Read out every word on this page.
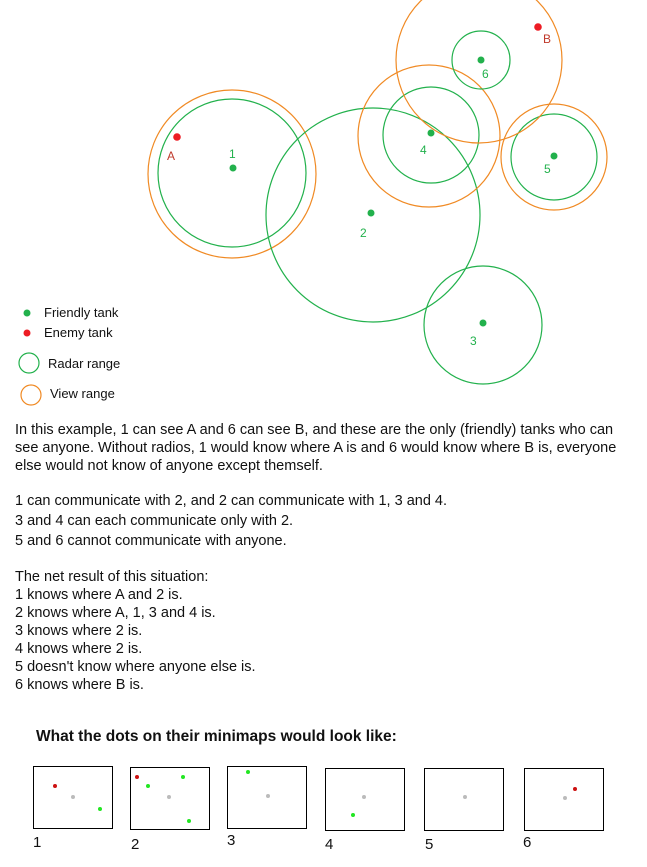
1
2
3
4
5
6
A
B
Friendly tank
Enemy tank
Radar range
View range
In this example, 1 can see A and 6 can see B, and these are the only (friendly) tanks who can see anyone. Without radios, 1 would know where A is and 6 would know where B is, everyone else would not know of anyone except themself.
1 can communicate with 2, and 2 can communicate with 1, 3 and 4.
3 and 4 can each communicate only with 2.
5 and 6 cannot communicate with anyone.
The net result of this situation:
1 knows where A and 2 is.
2 knows where A, 1, 3 and 4 is.
3 knows where 2 is.
4 knows where 2 is.
5 doesn't know where anyone else is.
6 knows where B is.
What the dots on their minimaps would look like:
1	2	3	4	5	6
